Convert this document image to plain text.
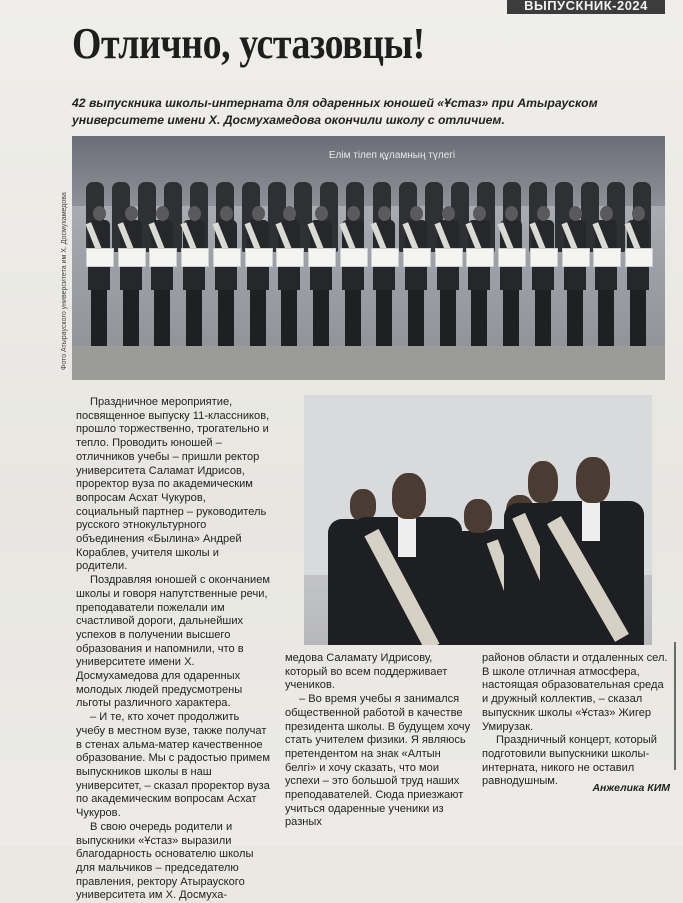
ВЫПУСКНИК-2024
Отлично, устазовцы!
42 выпускника школы-интерната для одаренных юношей «Ұстаз» при Атырауском университете имени Х. Досмухамедова окончили школу с отличием.
Елім тілеп құламның түлегі
Фото Атырауского университета им Х. Досмухамедова

Праздничное мероприятие, посвященное выпуску 11-классников, прошло торжественно, трогательно и тепло. Проводить юношей – отличников учебы – пришли ректор университета Саламат Идрисов, проректор вуза по академическим вопросам Асхат Чукуров, социальный партнер – руководитель русского этнокультурного объединения «Былина» Андрей Кораблев, учителя школы и родители.

Поздравляя юношей с окончанием школы и говоря напутственные речи, преподаватели пожелали им счастливой дороги, дальнейших успехов в получении высшего образования и напомнили, что в университете имени Х. Досмухамедова для одаренных молодых людей предусмотрены льготы различного характера.

– И те, кто хочет продолжить учебу в местном вузе, также получат в стенах альма-матер качественное образование. Мы с радостью примем выпускников школы в наш университет, – сказал проректор вуза по академическим вопросам Асхат Чукуров.

В свою очередь родители и выпускники «Ұстаз» выразили благодарность основателю школы для мальчиков – председателю правления, ректору Атырауского университета им Х. Досмуха-

медова Саламату Идрисову, который во всем поддерживает учеников.

– Во время учебы я занимался общественной работой в качестве президента школы. В будущем хочу стать учителем физики. Я являюсь претендентом на знак «Алтын белгі» и хочу сказать, что мои успехи – это большой труд наших преподавателей. Сюда приезжают учиться одаренные ученики из разных

районов области и отдаленных сел. В школе отличная атмосфера, настоящая образовательная среда и дружный коллектив, – сказал выпускник школы «Ұстаз» Жигер Умирузак.

Праздничный концерт, который подготовили выпускники школы-интерната, никого не оставил равнодушным.

Анжелика КИМ
